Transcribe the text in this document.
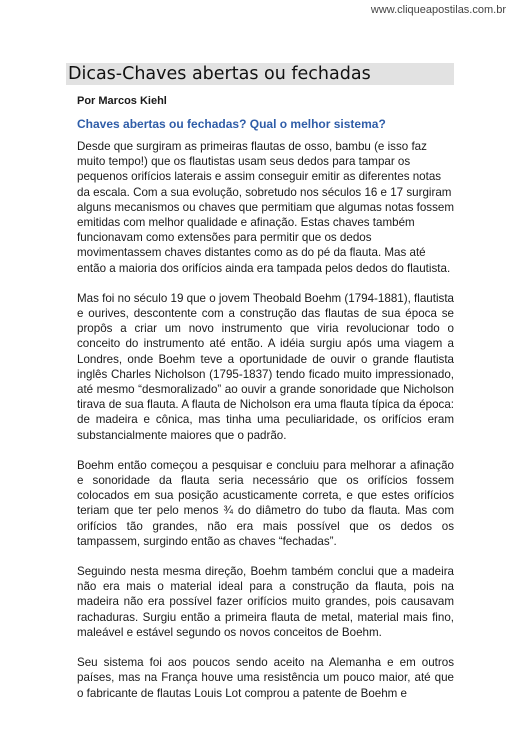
www.cliqueapostilas.com.br
Dicas-Chaves abertas ou fechadas
Por Marcos Kiehl
Chaves abertas ou fechadas? Qual o melhor sistema?
Desde que surgiram as primeiras flautas de osso, bambu (e isso faz muito tempo!) que os flautistas usam seus dedos para tampar os pequenos orifícios laterais e assim conseguir emitir as diferentes notas da escala. Com a sua evolução, sobretudo nos séculos 16 e 17 surgiram alguns mecanismos ou chaves que permitiam que algumas notas fossem emitidas com melhor qualidade e afinação. Estas chaves também funcionavam como extensões para permitir que os dedos movimentassem chaves distantes como as do pé da flauta. Mas até então a maioria dos orifícios ainda era tampada pelos dedos do flautista.
Mas foi no século 19 que o jovem Theobald Boehm (1794-1881), flautista e ourives, descontente com a construção das flautas de sua época se propôs a criar um novo instrumento que viria revolucionar todo o conceito do instrumento até então. A idéia surgiu após uma viagem a Londres, onde Boehm teve a oportunidade de ouvir o grande flautista inglês Charles Nicholson (1795-1837) tendo ficado muito impressionado, até mesmo “desmoralizado” ao ouvir a grande sonoridade que Nicholson tirava de sua flauta. A flauta de Nicholson era uma flauta típica da época: de madeira e cônica, mas tinha uma peculiaridade, os orifícios eram substancialmente maiores que o padrão.
Boehm então começou a pesquisar e concluiu para melhorar a afinação e sonoridade da flauta seria necessário que os orifícios fossem colocados em sua posição acusticamente correta, e que estes orifícios teriam que ter pelo menos ¾ do diâmetro do tubo da flauta. Mas com orifícios tão grandes, não era mais possível que os dedos os tampassem, surgindo então as chaves “fechadas”.
Seguindo nesta mesma direção, Boehm também conclui que a madeira não era mais o material ideal para a construção da flauta, pois na madeira não era possível fazer orifícios muito grandes, pois causavam rachaduras. Surgiu então a primeira flauta de metal, material mais fino, maleável e estável segundo os novos conceitos de Boehm.
Seu sistema foi aos poucos sendo aceito na Alemanha e em outros países, mas na França houve uma resistência um pouco maior, até que o fabricante de flautas Louis Lot comprou a patente de Boehm e
